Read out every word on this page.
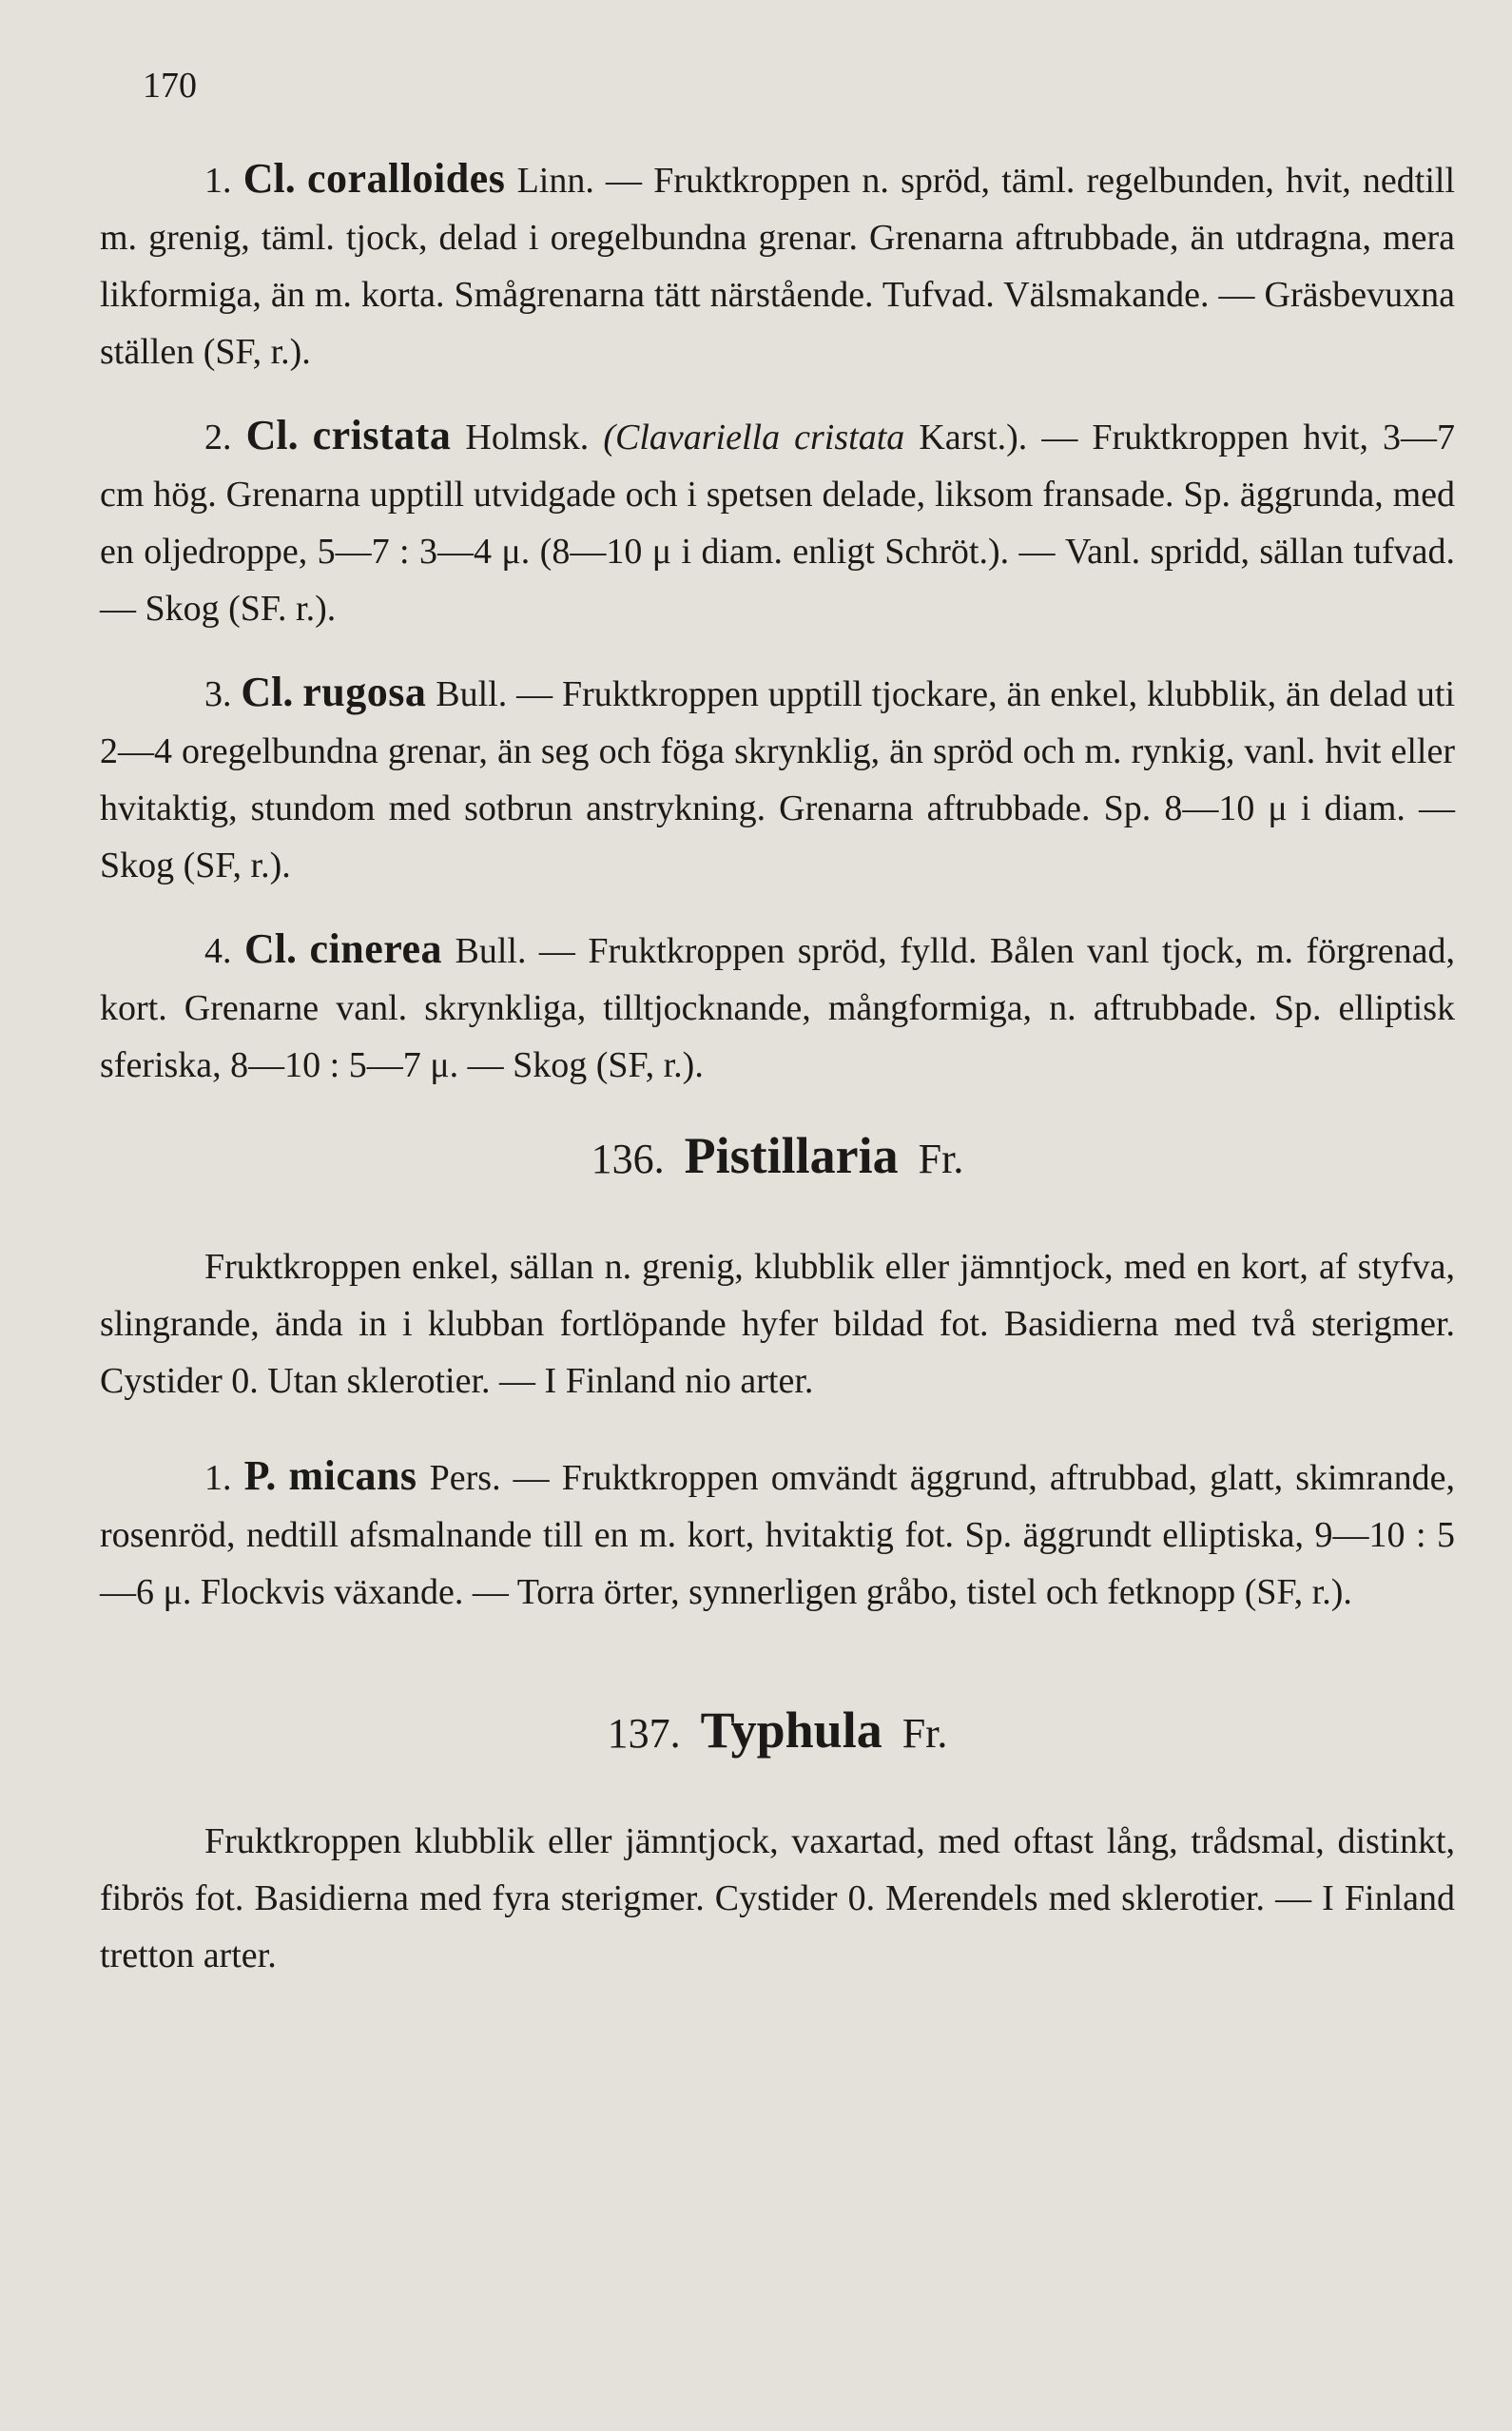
170

1. Cl. coralloides Linn. — Fruktkroppen n. spröd, täml. regelbunden, hvit, nedtill m. grenig, täml. tjock, delad i oregelbundna grenar. Grenarna aftrubbade, än utdragna, mera likformiga, än m. korta. Smågrenarna tätt närstående. Tufvad. Välsmakande. — Gräsbevuxna ställen (SF, r.).

2. Cl. cristata Holmsk. (Clavariella cristata Karst.). — Fruktkroppen hvit, 3—7 cm hög. Grenarna upptill utvidgade och i spetsen delade, liksom fransade. Sp. äggrunda, med en oljedroppe, 5—7 : 3—4 μ. (8—10 μ i diam. enligt Schröt.). — Vanl. spridd, sällan tufvad. — Skog (SF. r.).

3. Cl. rugosa Bull. — Fruktkroppen upptill tjockare, än enkel, klubblik, än delad uti 2—4 oregelbundna grenar, än seg och föga skrynklig, än spröd och m. rynkig, vanl. hvit eller hvitaktig, stundom med sotbrun anstrykning. Grenarna aftrubbade. Sp. 8—10 μ i diam. — Skog (SF, r.).

4. Cl. cinerea Bull. — Fruktkroppen spröd, fylld. Bålen vanl tjock, m. förgrenad, kort. Grenarne vanl. skrynkliga, tilltjocknande, mångformiga, n. aftrubbade. Sp. elliptisk sferiska, 8—10 : 5—7 μ. — Skog (SF, r.).

136. Pistillaria Fr.

Fruktkroppen enkel, sällan n. grenig, klubblik eller jämntjock, med en kort, af styfva, slingrande, ända in i klubban fortlöpande hyfer bildad fot. Basidierna med två sterigmer. Cystider 0. Utan sklerotier. — I Finland nio arter.

1. P. micans Pers. — Fruktkroppen omvändt äggrund, aftrubbad, glatt, skimrande, rosenröd, nedtill afsmalnande till en m. kort, hvitaktig fot. Sp. äggrundt elliptiska, 9—10 : 5—6 μ. Flockvis växande. — Torra örter, synnerligen gråbo, tistel och fetknopp (SF, r.).

137. Typhula Fr.

Fruktkroppen klubblik eller jämntjock, vaxartad, med oftast lång, trådsmal, distinkt, fibrös fot. Basidierna med fyra sterigmer. Cystider 0. Merendels med sklerotier. — I Finland tretton arter.
